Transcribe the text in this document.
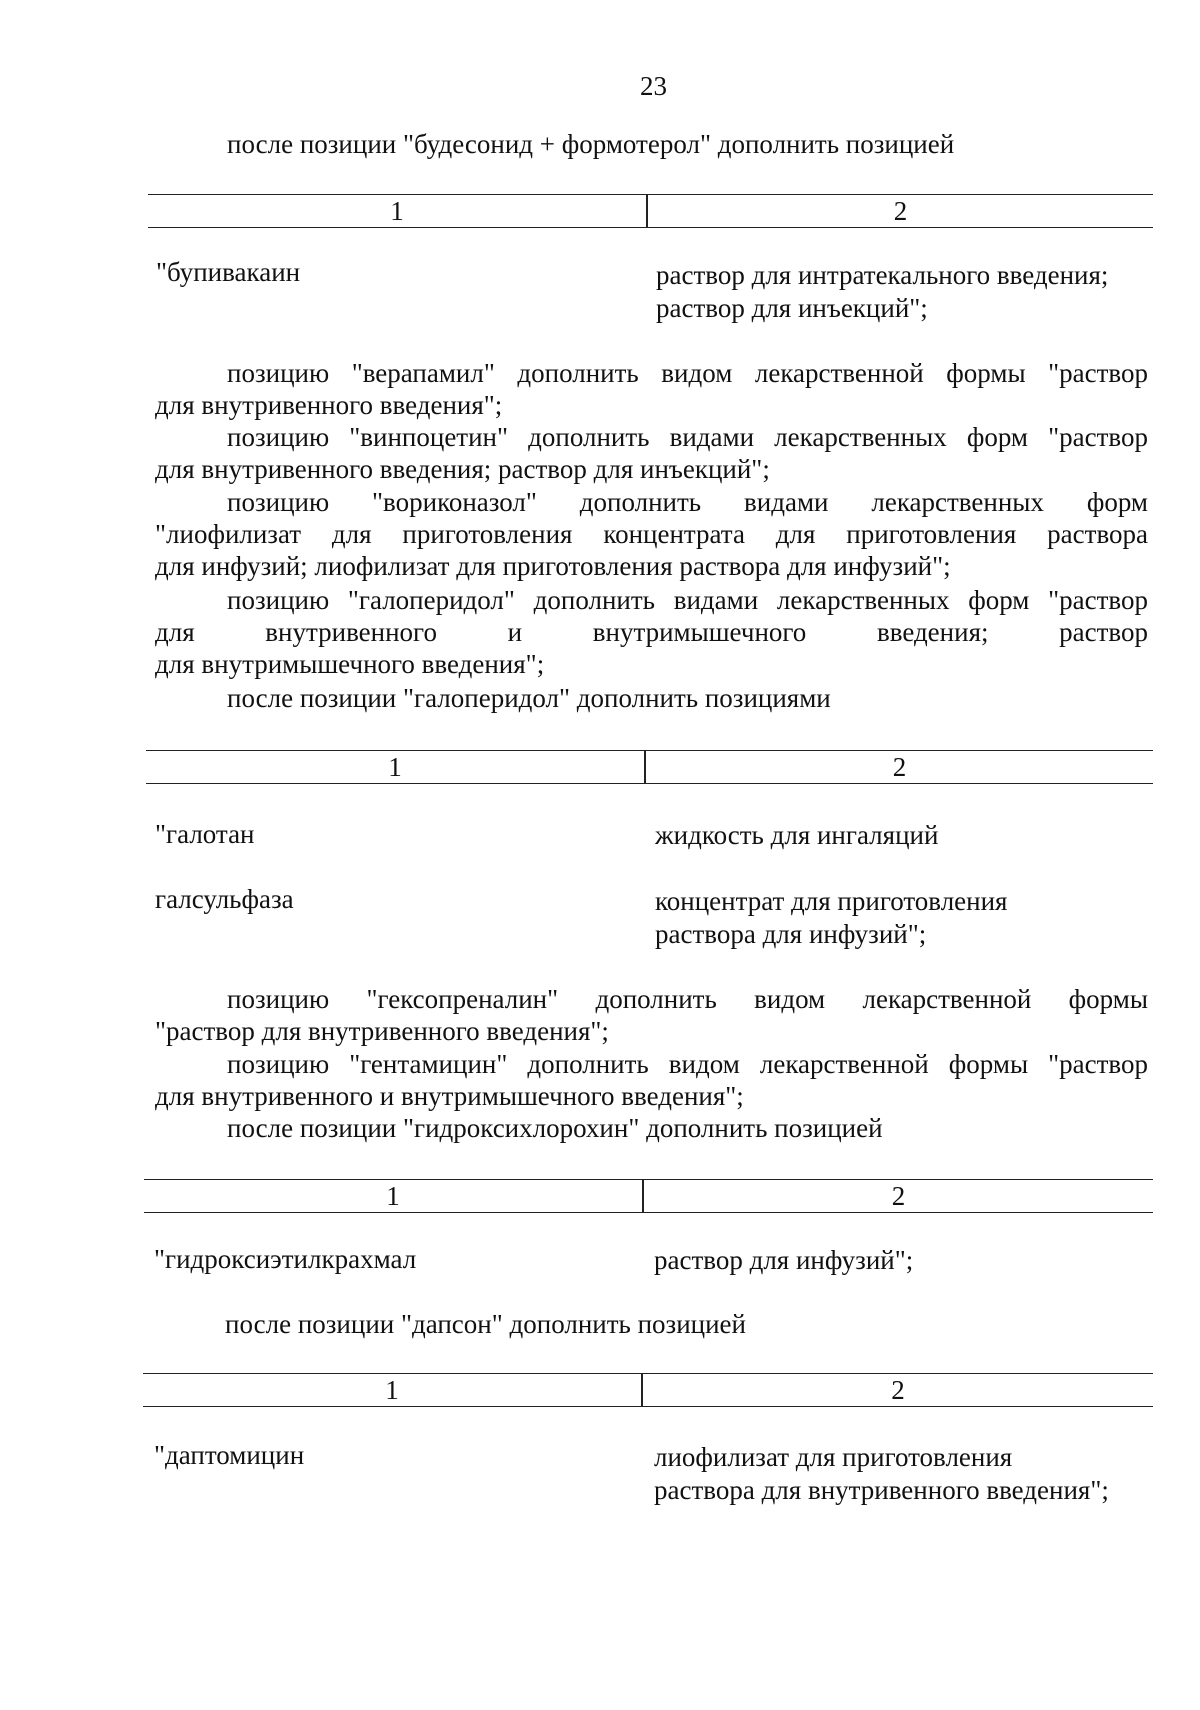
23

после позиции "будесонид + формотерол" дополнить позицией

1	2
"бупивакаин	раствор для интратекального введения;
раствор для инъекций";
позицию "верапамил" дополнить видом лекарственной формы "раствор
для внутривенного введения";
позицию "винпоцетин" дополнить видами лекарственных форм "раствор
для внутривенного введения; раствор для инъекций";
позицию "вориконазол" дополнить видами лекарственных форм
"лиофилизат для приготовления концентрата для приготовления раствора
для инфузий; лиофилизат для приготовления раствора для инфузий";
позицию "галоперидол" дополнить видами лекарственных форм "раствор
для внутривенного и внутримышечного введения; раствор
для внутримышечного введения";
после позиции "галоперидол" дополнить позициями
1	2
"галотан	жидкость для ингаляций
галсульфаза	концентрат для приготовления
раствора для инфузий";
позицию "гексопреналин" дополнить видом лекарственной формы
"раствор для внутривенного введения";
позицию "гентамицин" дополнить видом лекарственной формы "раствор
для внутривенного и внутримышечного введения";
после позиции "гидроксихлорохин" дополнить позицией
1	2
"гидроксиэтилкрахмал	раствор для инфузий";

после позиции "дапсон" дополнить позицией

1	2
"даптомицин	лиофилизат для приготовления
раствора для внутривенного введения";
